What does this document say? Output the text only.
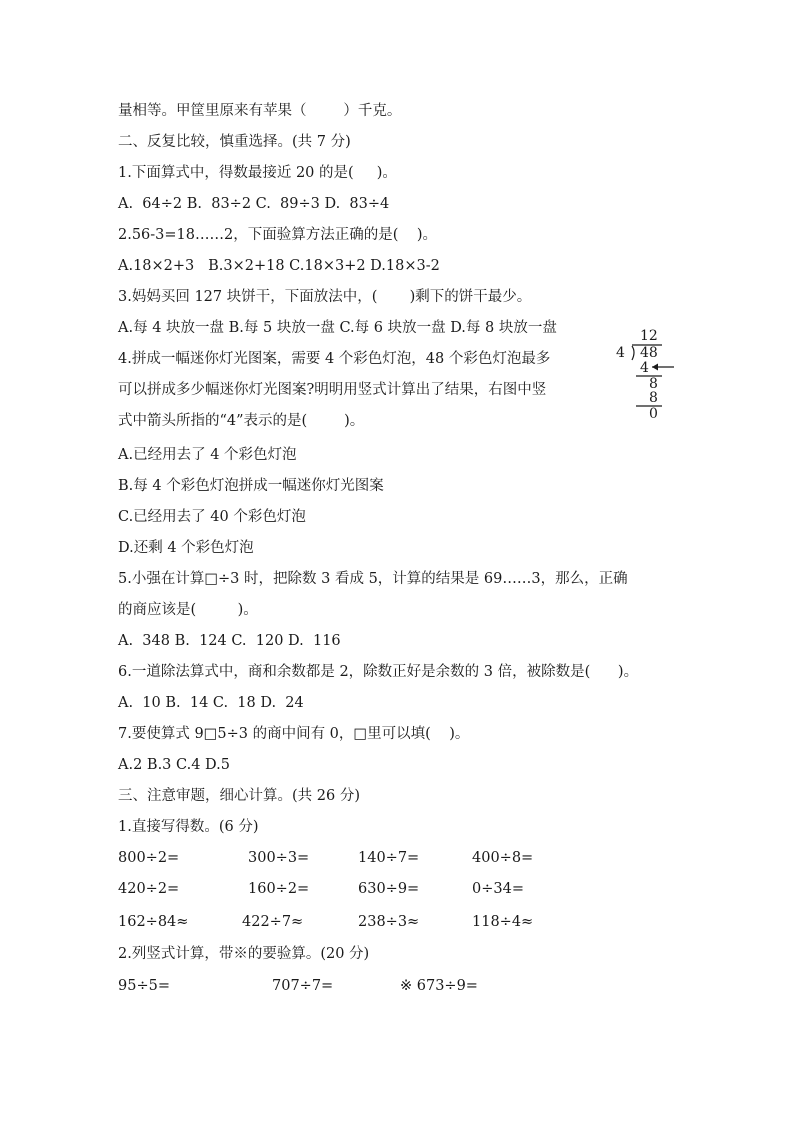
量相等。甲筐里原来有苹果（        ）千克。
二、反复比较，慎重选择。(共 7 分)
1.下面算式中，得数最接近 20 的是(     )。
A.  64÷2 B.  83÷2 C.  89÷3 D.  83÷4
2.56-3=18……2，下面验算方法正确的是(    )。
A.18×2+3   B.3×2+18 C.18×3+2 D.18×3-2
3.妈妈买回 127 块饼干，下面放法中，(       )剩下的饼干最少。
A.每 4 块放一盘 B.每 5 块放一盘 C.每 6 块放一盘 D.每 8 块放一盘
4.拼成一幅迷你灯光图案，需要 4 个彩色灯泡，48 个彩色灯泡最多
可以拼成多少幅迷你灯光图案?明明用竖式计算出了结果，右图中竖
式中箭头所指的“4”表示的是(        )。
A.已经用去了 4 个彩色灯泡
B.每 4 个彩色灯泡拼成一幅迷你灯光图案
C.已经用去了 40 个彩色灯泡
D.还剩 4 个彩色灯泡
5.小强在计算□÷3 时，把除数 3 看成 5，计算的结果是 69……3，那么，正确
的商应该是(         )。
A.  348 B.  124 C.  120 D.  116
6.一道除法算式中，商和余数都是 2，除数正好是余数的 3 倍，被除数是(      )。
A.  10 B.  14 C.  18 D.  24
7.要使算式 9□5÷3 的商中间有 0，□里可以填(    )。
A.2 B.3 C.4 D.5
三、注意审题，细心计算。(共 26 分)
1.直接写得数。(6 分)
800÷2=	300÷3=	140÷7=	400÷8=
420÷2=	160÷2=	630÷9=	0÷34=
162÷84≈	422÷7≈	238÷3≈	118÷4≈
2.列竖式计算，带※的要验算。(20 分)
95÷5=	707÷7=	※ 673÷9=
12
4 48
4
8
8
0
